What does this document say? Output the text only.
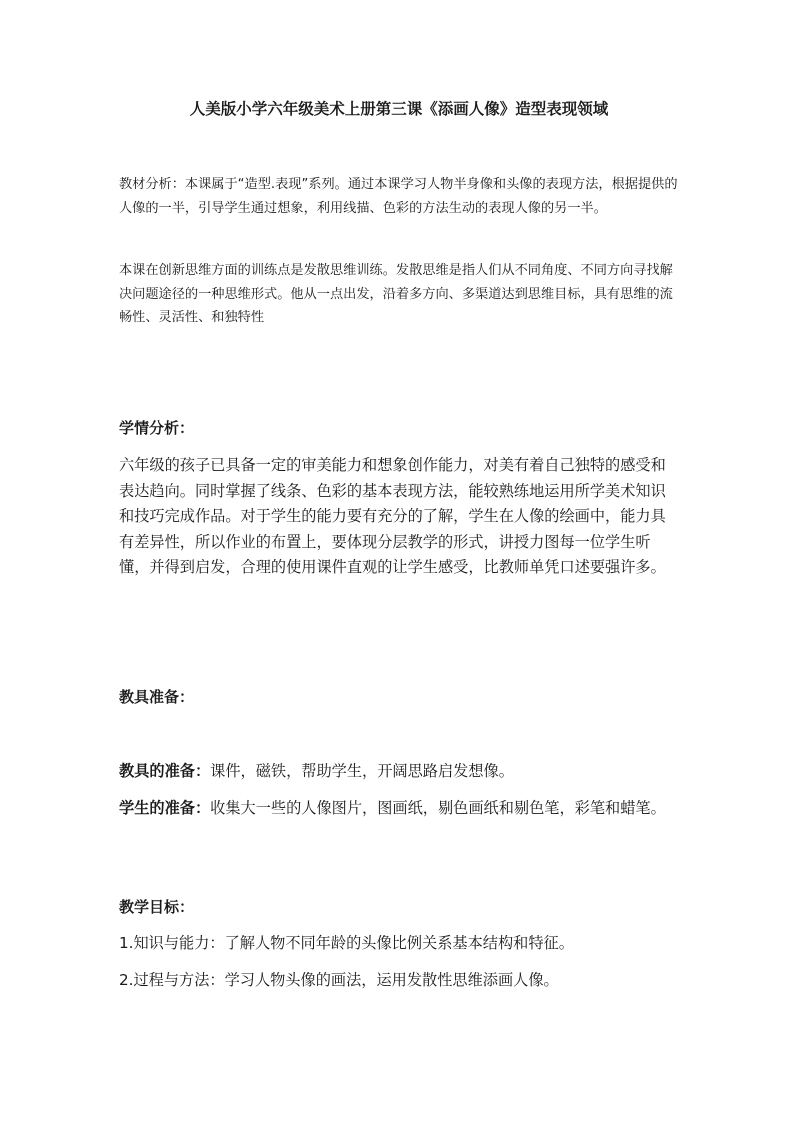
人美版小学六年级美术上册第三课《添画人像》造型表现领域

教材分析：本课属于“造型.表现”系列。通过本课学习人物半身像和头像的表现方法，根据提供的人像的一半，引导学生通过想象，利用线描、色彩的方法生动的表现人像的另一半。

本课在创新思维方面的训练点是发散思维训练。发散思维是指人们从不同角度、不同方向寻找解决问题途径的一种思维形式。他从一点出发，沿着多方向、多渠道达到思维目标，具有思维的流畅性、灵活性、和独特性

学情分析：

六年级的孩子已具备一定的审美能力和想象创作能力，对美有着自己独特的感受和表达趋向。同时掌握了线条、色彩的基本表现方法，能较熟练地运用所学美术知识和技巧完成作品。对于学生的能力要有充分的了解，学生在人像的绘画中，能力具有差异性，所以作业的布置上，要体现分层教学的形式，讲授力图每一位学生听懂，并得到启发，合理的使用课件直观的让学生感受，比教师单凭口述要强许多。

教具准备：

教具的准备：课件，磁铁，帮助学生，开阔思路启发想像。

学生的准备：收集大一些的人像图片，图画纸，剔色画纸和剔色笔，彩笔和蜡笔。

教学目标：

1.知识与能力：了解人物不同年龄的头像比例关系基本结构和特征。

2.过程与方法：学习人物头像的画法，运用发散性思维添画人像。
